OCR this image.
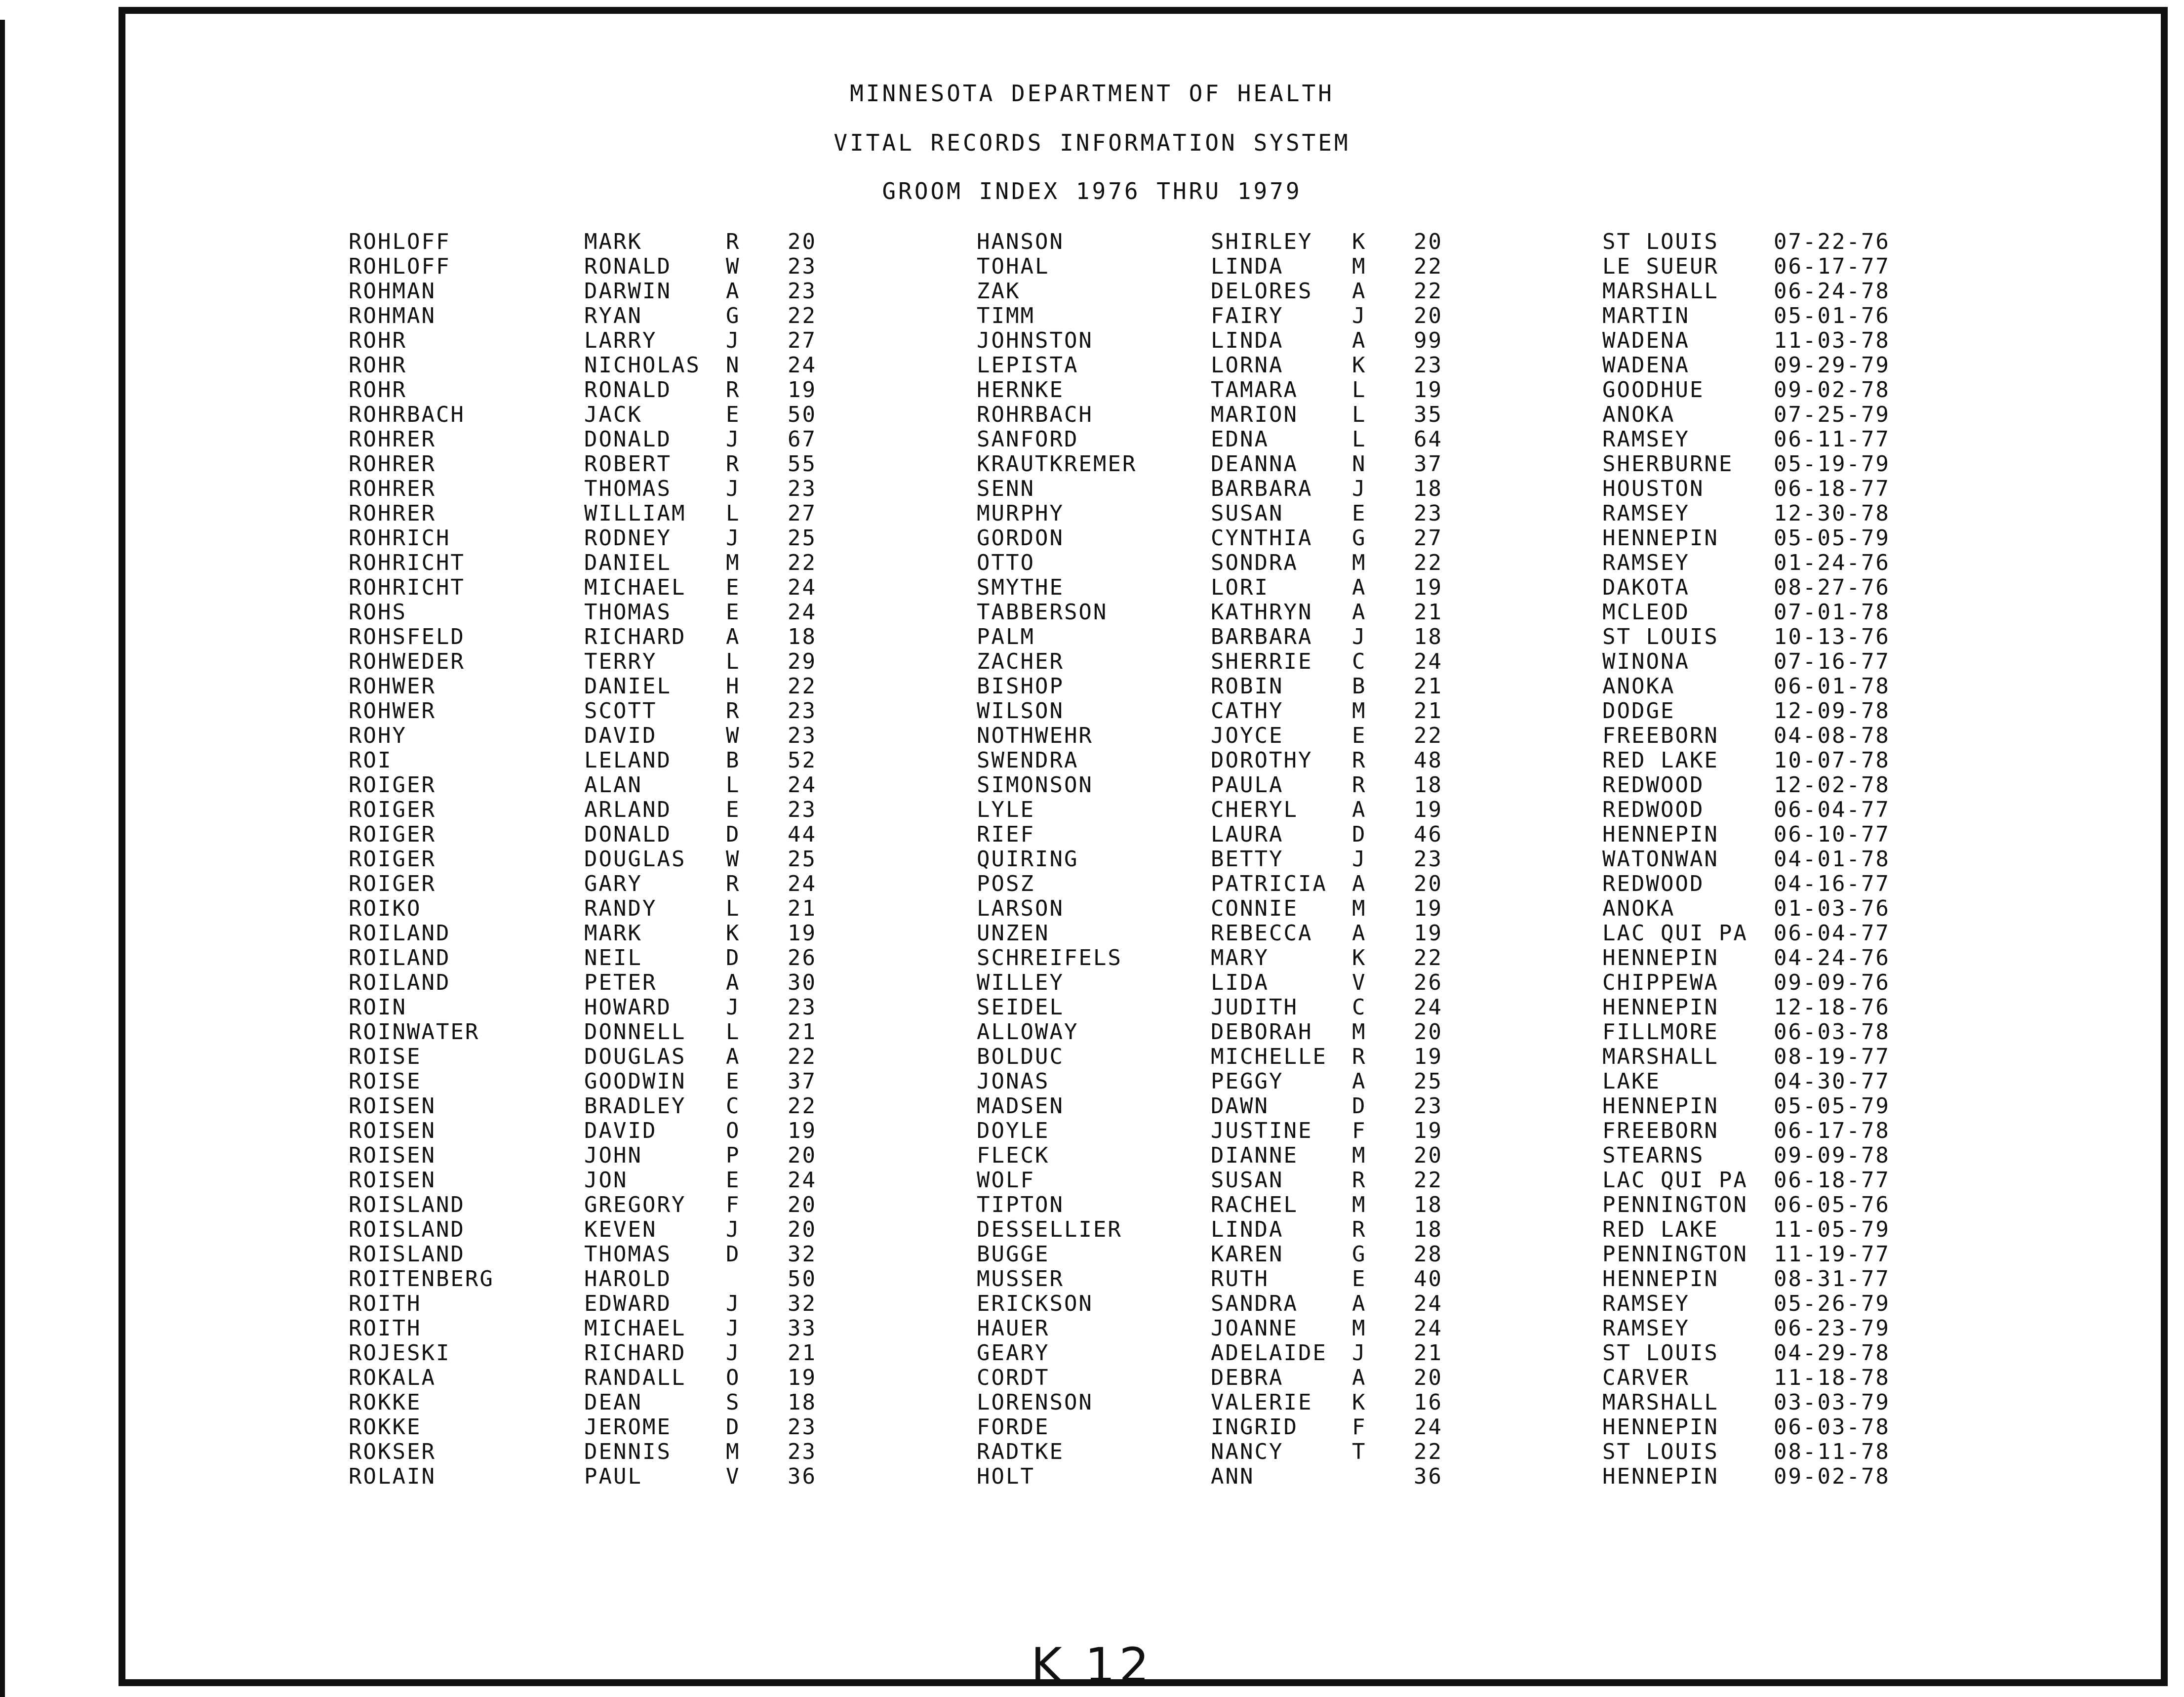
MINNESOTA DEPARTMENT OF HEALTH
VITAL RECORDS INFORMATION SYSTEM
GROOM INDEX 1976 THRU 1979
ROHLOFF	MARK	R 20	HANSON	SHIRLEY K 20	ST LOUIS	07-22-76
ROHLOFF	RONALD	W 23	TOHAL	LINDA	M 22	LE SUEUR	06-17-77
ROHMAN	DARWIN	A 23	ZAK	DELORES A 22	MARSHALL	06-24-78
ROHMAN	RYAN	G 22	TIMM	FAIRY	J 20	MARTIN	05-01-76
ROHR	LARRY	J 27	JOHNSTON	LINDA	A 99	WADENA	11-03-78
ROHR	NICHOLAS N 24	LEPISTA	LORNA	K 23	WADENA	09-29-79
ROHR	RONALD	R 19	HERNKE	TAMARA L 19	GOODHUE	09-02-78
ROHRBACH	JACK	E 50	ROHRBACH	MARION L 35	ANOKA	07-25-79
ROHRER	DONALD	J 67	SANFORD	EDNA	L 64	RAMSEY	06-11-77
ROHRER	ROBERT	R 55	KRAUTKREMER	DEANNA N 37	SHERBURNE 05-19-79
ROHRER	THOMAS	J 23	SENN	BARBARA J 18	HOUSTON	06-18-77
ROHRER	WILLIAM L 27	MURPHY	SUSAN	E 23	RAMSEY	12-30-78
ROHRICH	RODNEY	J 25	GORDON	CYNTHIA G 27	HENNEPIN	05-05-79
ROHRICHT	DANIEL	M 22	OTTO	SONDRA M 22	RAMSEY	01-24-76
ROHRICHT	MICHAEL E 24	SMYTHE	LORI	A 19	DAKOTA	08-27-76
ROHS	THOMAS	E 24	TABBERSON	KATHRYN A 21	MCLEOD	07-01-78
ROHSFELD	RICHARD A 18	PALM	BARBARA J 18	ST LOUIS	10-13-76
ROHWEDER	TERRY	L 29	ZACHER	SHERRIE C 24	WINONA	07-16-77
ROHWER	DANIEL	H 22	BISHOP	ROBIN	B 21	ANOKA	06-01-78
ROHWER	SCOTT	R 23	WILSON	CATHY	M 21	DODGE	12-09-78
ROHY	DAVID	W 23	NOTHWEHR	JOYCE	E 22	FREEBORN	04-08-78
ROI	LELAND	B 52	SWENDRA	DOROTHY R 48	RED LAKE	10-07-78
ROIGER	ALAN	L 24	SIMONSON	PAULA	R 18	REDWOOD	12-02-78
ROIGER	ARLAND	E 23	LYLE	CHERYL A 19	REDWOOD	06-04-77
ROIGER	DONALD	D 44	RIEF	LAURA	D 46	HENNEPIN	06-10-77
ROIGER	DOUGLAS W 25	QUIRING	BETTY	J 23	WATONWAN	04-01-78
ROIGER	GARY	R 24	POSZ	PATRICIA A 20	REDWOOD	04-16-77
ROIKO	RANDY	L 21	LARSON	CONNIE M 19	ANOKA	01-03-76
ROILAND	MARK	K 19	UNZEN	REBECCA A 19	LAC QUI PA 06-04-77
ROILAND	NEIL	D 26	SCHREIFELS	MARY	K 22	HENNEPIN	04-24-76
ROILAND	PETER	A 30	WILLEY	LIDA	V 26	CHIPPEWA	09-09-76
ROIN	HOWARD	J 23	SEIDEL	JUDITH C 24	HENNEPIN	12-18-76
ROINWATER	DONNELL L 21	ALLOWAY	DEBORAH M 20	FILLMORE	06-03-78
ROISE	DOUGLAS A 22	BOLDUC	MICHELLE R 19	MARSHALL	08-19-77
ROISE	GOODWIN E 37	JONAS	PEGGY	A 25	LAKE	04-30-77
ROISEN	BRADLEY C 22	MADSEN	DAWN	D 23	HENNEPIN	05-05-79
ROISEN	DAVID	O 19	DOYLE	JUSTINE F 19	FREEBORN	06-17-78
ROISEN	JOHN	P 20	FLECK	DIANNE M 20	STEARNS	09-09-78
ROISEN	JON	E 24	WOLF	SUSAN	R 22	LAC QUI PA 06-18-77
ROISLAND	GREGORY F 20	TIPTON	RACHEL M 18	PENNINGTON 06-05-76
ROISLAND	KEVEN	J 20	DESSELLIER	LINDA	R 18	RED LAKE	11-05-79
ROISLAND	THOMAS	D 32	BUGGE	KAREN	G 28	PENNINGTON 11-19-77
ROITENBERG	HAROLD	50	MUSSER	RUTH	E 40	HENNEPIN	08-31-77
ROITH	EDWARD	J 32	ERICKSON	SANDRA A 24	RAMSEY	05-26-79
ROITH	MICHAEL J 33	HAUER	JOANNE M 24	RAMSEY	06-23-79
ROJESKI	RICHARD J 21	GEARY	ADELAIDE J 21	ST LOUIS	04-29-78
ROKALA	RANDALL O 19	CORDT	DEBRA	A 20	CARVER	11-18-78
ROKKE	DEAN	S 18	LORENSON	VALERIE K 16	MARSHALL	03-03-79
ROKKE	JEROME	D 23	FORDE	INGRID F 24	HENNEPIN	06-03-78
ROKSER	DENNIS	M 23	RADTKE	NANCY	T 22	ST LOUIS	08-11-78
ROLAIN	PAUL	V 36	HOLT	ANN	36	HENNEPIN	09-02-78
K 12
